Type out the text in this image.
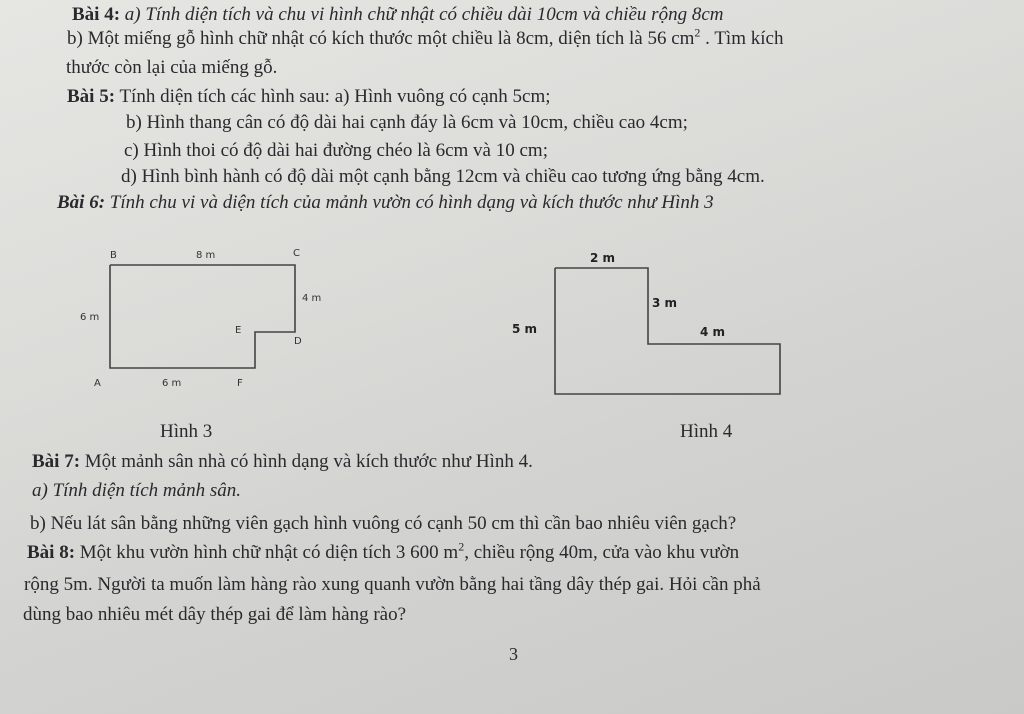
Bài 4: a) Tính diện tích và chu vi hình chữ nhật có chiều dài 10cm và chiều rộng 8cm
b) Một miếng gỗ hình chữ nhật có kích thước một chiều là 8cm, diện tích là 56 $cm^2$ . Tìm kích
thước còn lại của miếng gỗ.
Bài 5: Tính diện tích các hình sau: a) Hình vuông có cạnh 5cm;
b) Hình thang cân có độ dài hai cạnh đáy là 6cm và 10cm, chiều cao 4cm;
c) Hình thoi có độ dài hai đường chéo là 6cm và 10 cm;
d) Hình bình hành có độ dài một cạnh bằng 12cm và chiều cao tương ứng bằng 4cm.
Bài 6: Tính chu vi và diện tích của mảnh vườn có hình dạng và kích thước như Hình 3
B	8 m	C
4 m
6 m
E
D
A	6 m	F
Hình 3
2 m
3 m
5 m	4 m
Hình 4
Bài 7: Một mảnh sân nhà có hình dạng và kích thước như Hình 4.
a) Tính diện tích mảnh sân.
b) Nếu lát sân bằng những viên gạch hình vuông có cạnh 50 cm thì cần bao nhiêu viên gạch?
Bài 8: Một khu vườn hình chữ nhật có diện tích 3 600 $m^2$, chiều rộng 40m, cửa vào khu vườn
rộng 5m. Người ta muốn làm hàng rào xung quanh vườn bằng hai tầng dây thép gai. Hỏi cần phả
dùng bao nhiêu mét dây thép gai để làm hàng rào?
3
